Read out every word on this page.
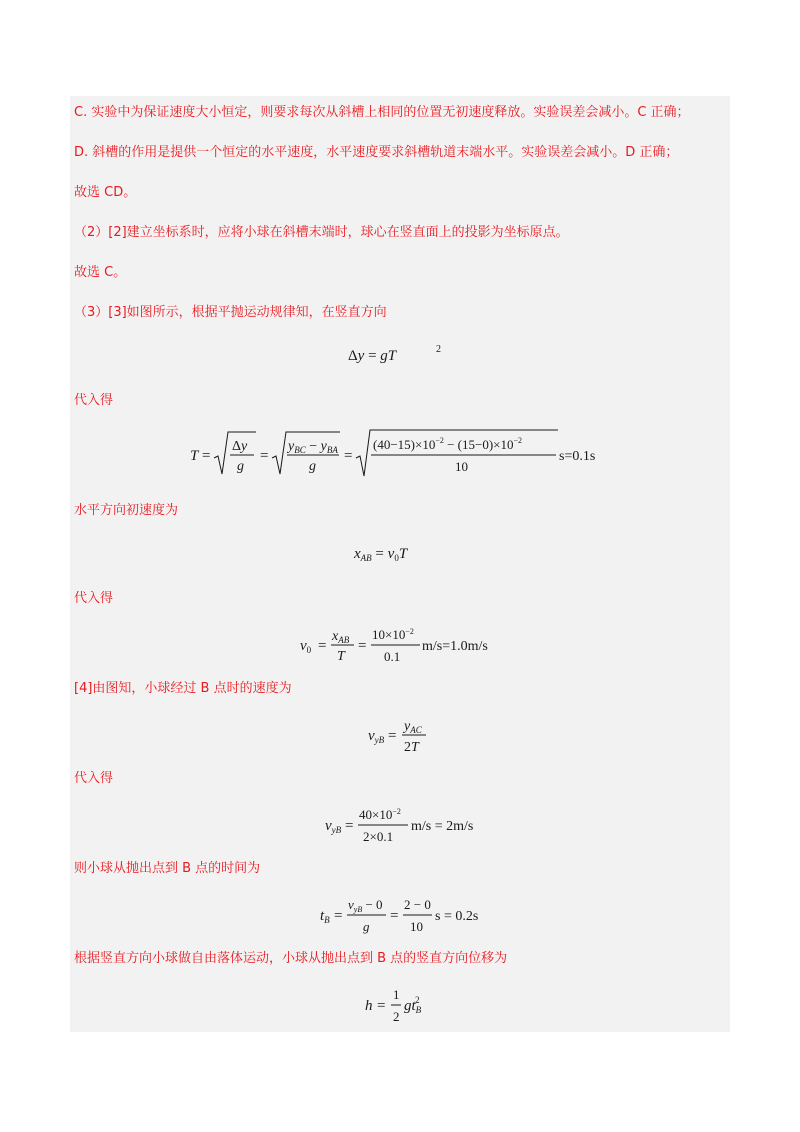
C. 实验中为保证速度大小恒定，则要求每次从斜槽上相同的位置无初速度释放。实验误差会减小。C 正确；
D. 斜槽的作用是提供一个恒定的水平速度，水平速度要求斜槽轨道末端水平。实验误差会减小。D 正确；
故选 CD。
（2）[2]建立坐标系时，应将小球在斜槽末端时，球心在竖直面上的投影为坐标原点。
故选 C。
（3）[3]如图所示，根据平抛运动规律知，在竖直方向
Δy = gT	2
代入得
T =
Δy
g
=
$y_{BC} - y_{BA}$
g
=
$(40-15)\times 10^{-2} - (15-0)\times 10^{-2}$
10
s=0.1s
水平方向初速度为
$x_{AB} = v_0T$
代入得
$v_0$ =
$x_{AB}$
T
=
$10\times 10^{-2}$
0.1
m/s=1.0m/s
[4]由图知，小球经过 B 点时的速度为
$v_{yB}$ =
$y_{AC}$
2T
代入得
$v_{yB}$ =
$40\times 10^{-2}$
2×0.1
m/s = 2m/s
则小球从抛出点到 B 点的时间为
$t_B$ =
$v_{yB} - 0$
g
=
2 − 0
10
s = 0.2s
根据竖直方向小球做自由落体运动，小球从抛出点到 B 点的竖直方向位移为
h =
1
2
$gt_B2$
